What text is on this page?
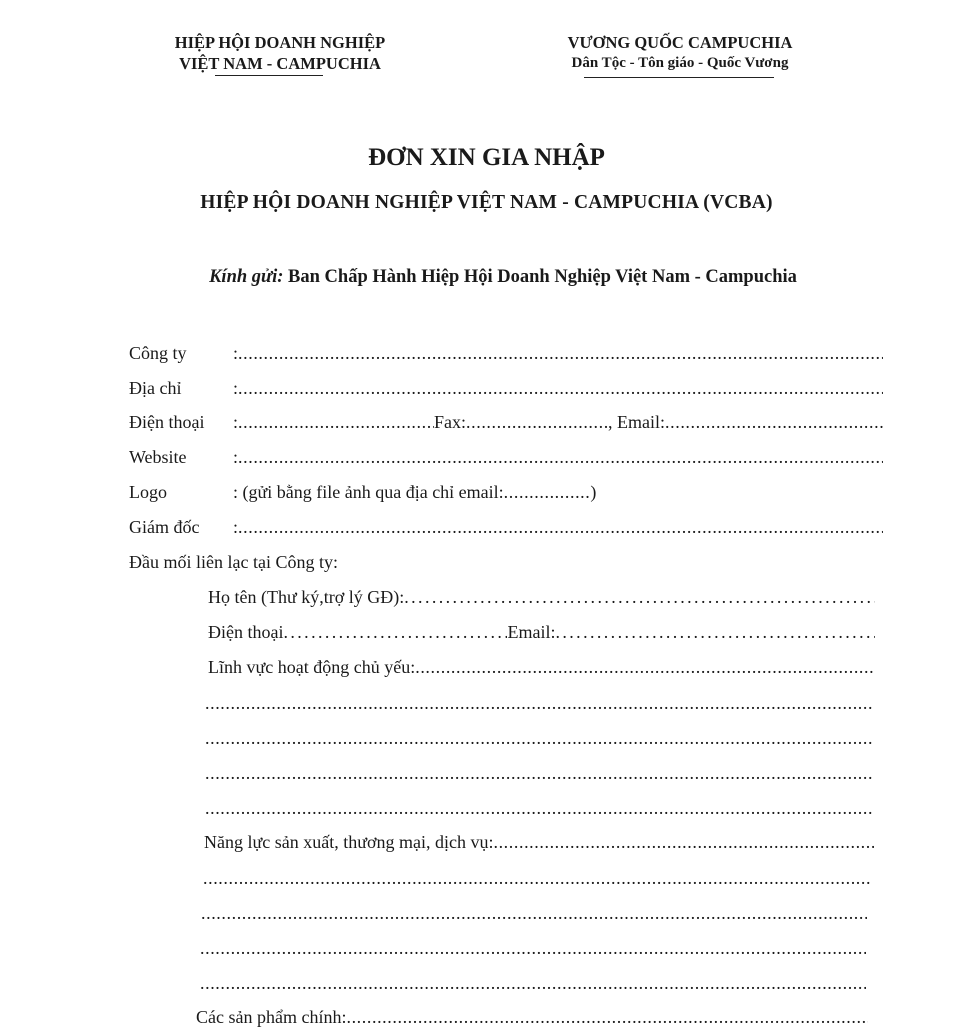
HIỆP HỘI DOANH NGHIỆP
VIỆT NAM - CAMPUCHIA
VƯƠNG QUỐC CAMPUCHIA
Dân Tộc - Tôn giáo - Quốc Vương
ĐƠN XIN GIA NHẬP
HIỆP HỘI DOANH NGHIỆP VIỆT NAM - CAMPUCHIA (VCBA)
Kính gửi: Ban Chấp Hành Hiệp Hội Doanh Nghiệp Việt Nam - Campuchia
Công ty	:
.....
Địa chỉ	:
.....
Điện thoại	: .....	Fax: .....	, Email:
.....
Website	:
.....
Logo	: (gửi bằng file ảnh qua địa chỉ email: ................. )
Giám đốc	:
.....
Đầu mối liên lạc tại Công ty:
Họ tên (Thư ký,trợ lý GĐ):
.....
Điện thoại .....	Email:
.....
Lĩnh vực hoạt động chủ yếu:
.....
.....
.....
.....
.....
Năng lực sản xuất, thương mại, dịch vụ:
.....
.....
.....
.....
.....
Các sản phẩm chính:
.....
